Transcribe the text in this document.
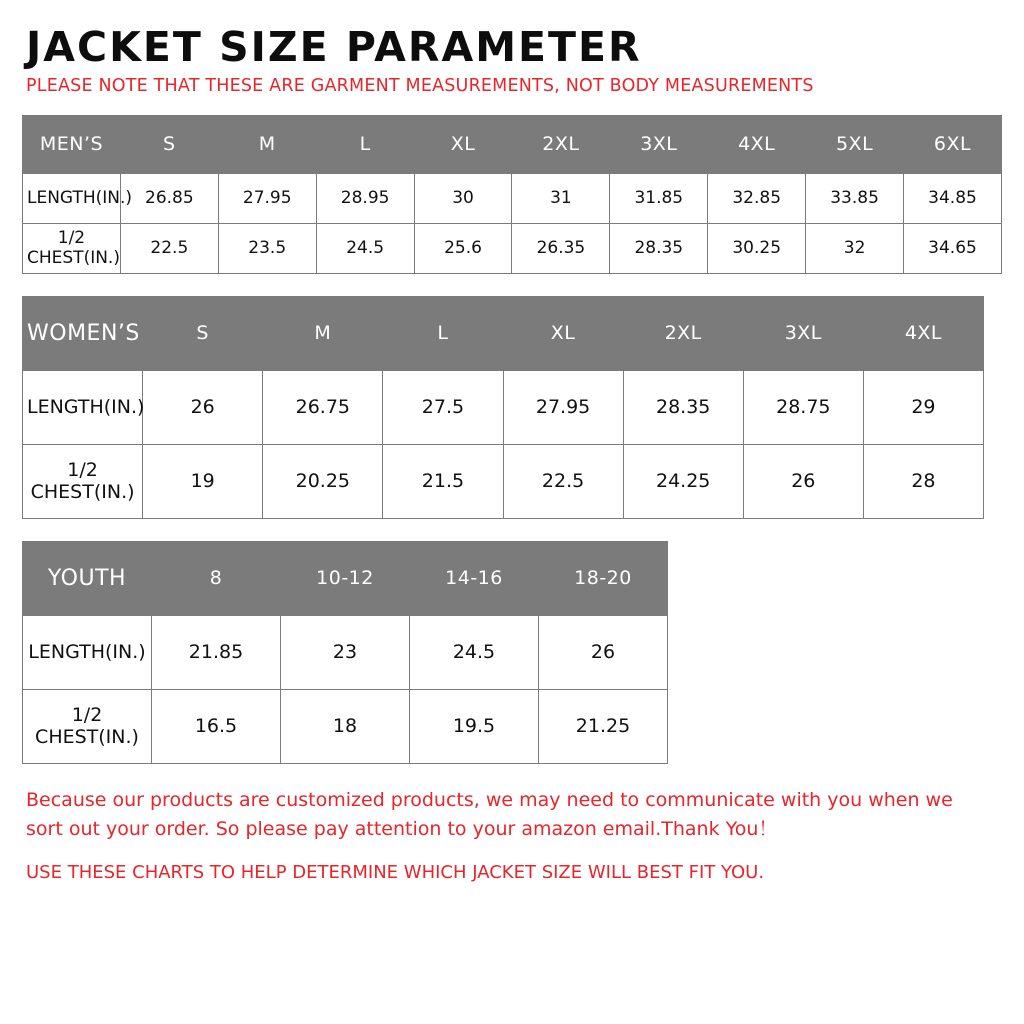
JACKET SIZE PARAMETER

PLEASE NOTE THAT THESE ARE GARMENT MEASUREMENTS, NOT BODY MEASUREMENTS

MEN’S	S	M	L	XL	2XL	3XL	4XL	5XL	6XL
LENGTH(IN.)	26.85	27.95	28.95	30	31	31.85	32.85	33.85	34.85
1/2 CHEST(IN.)	22.5	23.5	24.5	25.6	26.35	28.35	30.25	32	34.65
WOMEN’S	S	M	L	XL	2XL	3XL	4XL
LENGTH(IN.)	26	26.75	27.5	27.95	28.35	28.75	29
1/2 CHEST(IN.)	19	20.25	21.5	22.5	24.25	26	28
YOUTH	8	10-12	14-16	18-20
LENGTH(IN.)	21.85	23	24.5	26
1/2 CHEST(IN.)	16.5	18	19.5	21.25

Because our products are customized products, we may need to communicate with you when we sort out your order. So please pay attention to your amazon email.Thank You！

USE THESE CHARTS TO HELP DETERMINE WHICH JACKET SIZE WILL BEST FIT YOU.
